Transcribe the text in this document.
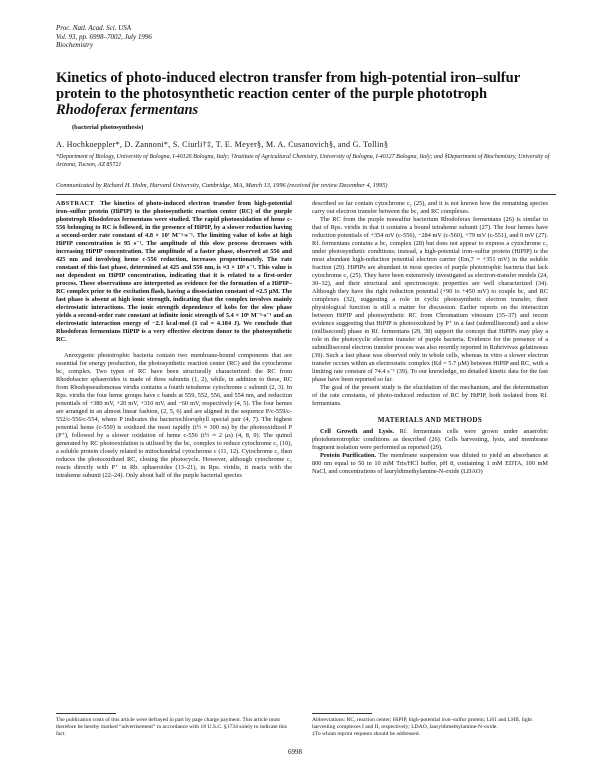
Proc. Natl. Acad. Sci. USA
Vol. 93, pp. 6998–7002, July 1996
Biochemistry
Kinetics of photo-induced electron transfer from high-potential iron–sulfur protein to the photosynthetic reaction center of the purple phototroph Rhodoferax fermentans
(bacterial photosynthesis)
A. Hochkoeppler*, D. Zannoni*, S. Ciurli†‡, T. E. Meyer§, M. A. Cusanovich§, and G. Tollin§
*Department of Biology, University of Bologna, I-40126 Bologna, Italy; †Institute of Agricultural Chemistry, University of Bologna, I-40127 Bologna, Italy; and §Department of Biochemistry, University of Arizona, Tucson, AZ 85721
Communicated by Richard H. Holm, Harvard University, Cambridge, MA, March 13, 1996 (received for review December 4, 1995)

ABSTRACT The kinetics of photo-induced electron transfer from high-potential iron–sulfur protein (HiPIP) to the photosynthetic reaction center (RC) of the purple phototroph Rhodoferax fermentans were studied. The rapid photooxidation of heme c-556 belonging to RC is followed, in the presence of HiPIP, by a slower reduction having a second-order rate constant of 4.8 × 10⁷ M⁻¹·s⁻¹. The limiting value of kobs at high HiPIP concentration is 95 s⁻¹. The amplitude of this slow process decreases with increasing HiPIP concentration. The amplitude of a faster phase, observed at 556 and 425 nm and involving heme c-556 reduction, increases proportionately. The rate constant of this fast phase, determined at 425 and 556 nm, is ≈3 × 10⁵ s⁻¹. This value is not dependent on HiPIP concentration, indicating that it is related to a first-order process. These observations are interpreted as evidence for the formation of a HiPIP–RC complex prior to the excitation flash, having a dissociation constant of ≈2.5 μM. The fast phase is absent at high ionic strength, indicating that the complex involves mainly electrostatic interactions. The ionic strength dependence of kobs for the slow phase yields a second-order rate constant at infinite ionic strength of 5.4 × 10⁶ M⁻¹·s⁻¹ and an electrostatic interaction energy of −2.1 kcal·mol (1 cal = 4.184 J). We conclude that Rhodoferax fermentans HiPIP is a very effective electron donor to the photosynthetic RC.

Anoxygenic phototrophic bacteria contain two membrane-bound components that are essential for energy production, the photosynthetic reaction center (RC) and the cytochrome bc₁ complex. Two types of RC have been structurally characterized: the RC from Rhodobacter sphaeroides is made of three subunits (1, 2), while, in addition to these, RC from Rhodopseudomonas viridis contains a fourth tetraheme cytochrome c subunit (2, 3). In Rps. viridis the four heme groups have c bands at 559, 552, 556, and 554 nm, and reduction potentials of +380 mV, +20 mV, +310 mV, and −60 mV, respectively (4, 5). The four hemes are arranged in an almost linear fashion, (2, 5, 6) and are aligned in the sequence P/c-559/c-552/c-556/c-554, where P indicates the bacteriochlorophyll special pair (4, 7). The highest potential heme (c-559) is oxidized the most rapidly (t½ ≈ 300 ns) by the photooxidized P (P⁺), followed by a slower oxidation of heme c-556 (t½ ≈ 2 μs) (4, 8, 9). The quinol generated by RC photooxidation is utilized by the bc₁ complex to reduce cytochrome c₂ (10), a soluble protein closely related to mitochondrial cytochrome c (11, 12). Cytochrome c₂ then reduces the photooxidized RC, closing the photocycle. However, although cytochrome c₂ reacts directly with P⁺ in Rb. sphaeroides (13–21), in Rps. viridis, it reacts with the tetraheme subunit (22–24). Only about half of the purple bacterial species

described so far contain cytochrome c₂ (25), and it is not known how the remaining species carry out electron transfer between the bc₁ and RC complexes.

The RC from the purple nonsulfur bacterium Rhodoferax fermentans (26) is similar to that of Rps. viridis in that it contains a bound tetraheme subunit (27). The four hemes have reduction potentials of +354 mV (c-556), −284 mV (c-560), +79 mV (c-551), and 0 mV (27). Rf. fermentans contains a bc₁ complex (28) but does not appear to express a cytochrome c₂ under photosynthetic conditions; instead, a high-potential iron–sulfur protein (HiPIP) is the most abundant high-reduction potential electron carrier (Em,7 = +351 mV) in the soluble fraction (29). HiPIPs are abundant in most species of purple phototrophic bacteria that lack cytochrome c₂ (25). They have been extensively investigated as electron-transfer models (24, 30–32), and their structural and spectroscopic properties are well characterized (34). Although they have the right reduction potential (+90 to +450 mV) to couple bc₁ and RC complexes (32), suggesting a role in cyclic photosynthetic electron transfer, their physiological function is still a matter for discussion. Earlier reports on the interaction between HiPIP and photosynthetic RC from Chromatium vinosum (35–37) and recent evidence suggesting that HiPIP is photooxidized by P⁺ in a fast (submillisecond) and a slow (millisecond) phase in Rf. fermentans (29, 38) support the concept that HiPIPs may play a role in the photocyclic electron transfer of purple bacteria. Evidence for the presence of a submillisecond electron transfer process was also recently reported in Rubrivivax gelatinosus (39). Such a fast phase was observed only in whole cells, whereas in vitro a slower electron transfer occurs within an electrostatic complex (Kd = 5.7 μM) between HiPIP and RC, with a limiting rate constant of 74.4 s⁻¹ (39). To our knowledge, no detailed kinetic data for the fast phase have been reported so far.

The goal of the present study is the elucidation of the mechanism, and the determination of the rate constants, of photo-induced reduction of RC by HiPIP, both isolated from Rf. fermentans.

MATERIALS AND METHODS

Cell Growth and Lysis. Rf. fermentans cells were grown under anaerobic photoheterotrophic conditions as described (26). Cells harvesting, lysis, and membrane fragment isolation were performed as reported (29).

Protein Purification. The membrane suspension was diluted to yield an absorbance at 800 nm equal to 50 in 10 mM Tris/HCl buffer, pH 8, containing 1 mM EDTA, 100 mM NaCl, and concentrations of lauryldimethylamine-N-oxide (LDAO)

The publication costs of this article were defrayed in part by page charge payment. This article must therefore be hereby marked “advertisement” in accordance with 18 U.S.C. §1734 solely to indicate this fact.

Abbreviations: RC, reaction center; HiPIP, high-potential iron–sulfur protein; LH1 and LHII, light harvesting complexes I and II, respectively; LDAO, lauryldimethylamine-N-oxide.

‡To whom reprint requests should be addressed.

6998
